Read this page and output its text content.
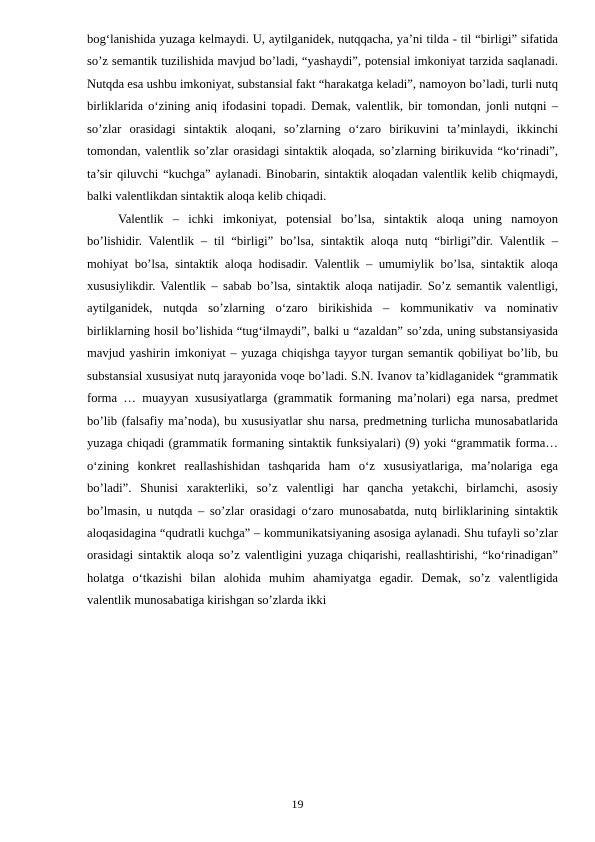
bog‘lanishida yuzaga kelmaydi. U, aytilganidek, nutqqacha, ya’ni tilda - til “birligi” sifatida so’z semantik tuzilishida mavjud bo’ladi, “yashaydi”, potensial imkoniyat tarzida saqlanadi. Nutqda esa ushbu imkoniyat, substansial fakt “harakatga keladi”, namoyon bo’ladi, turli nutq birliklarida o‘zining aniq ifodasini topadi. Demak, valentlik, bir tomondan, jonli nutqni – so’zlar orasidagi sintaktik aloqani, so’zlarning o‘zaro birikuvini ta’minlaydi, ikkinchi tomondan, valentlik so’zlar orasidagi sintaktik aloqada, so’zlarning birikuvida “ko‘rinadi”, ta’sir qiluvchi “kuchga” aylanadi. Binobarin, sintaktik aloqadan valentlik kelib chiqmaydi, balki valentlikdan sintaktik aloqa kelib chiqadi.

Valentlik – ichki imkoniyat, potensial bo’lsa, sintaktik aloqa uning namoyon bo’lishidir. Valentlik – til “birligi” bo’lsa, sintaktik aloqa nutq “birligi”dir. Valentlik – mohiyat bo’lsa, sintaktik aloqa hodisadir. Valentlik – umumiylik bo’lsa, sintaktik aloqa xususiylikdir. Valentlik – sabab bo’lsa, sintaktik aloqa natijadir. So’z semantik valentligi, aytilganidek, nutqda so’zlarning o‘zaro birikishida – kommunikativ va nominativ birliklarning hosil bo’lishida “tug‘ilmaydi”, balki u “azaldan” so’zda, uning substansiyasida mavjud yashirin imkoniyat – yuzaga chiqishga tayyor turgan semantik qobiliyat bo’lib, bu substansial xususiyat nutq jarayonida voqe bo’ladi. S.N. Ivanov ta’kidlaganidek “grammatik forma … muayyan xususiyatlarga (grammatik formaning ma’nolari) ega narsa, predmet bo’lib (falsafiy ma’noda), bu xususiyatlar shu narsa, predmetning turlicha munosabatlarida yuzaga chiqadi (grammatik formaning sintaktik funksiyalari) (9) yoki “grammatik forma… o‘zining konkret reallashishidan tashqarida ham o‘z xususiyatlariga, ma’nolariga ega bo’ladi”. Shunisi xarakterliki, so’z valentligi har qancha yetakchi, birlamchi, asosiy bo’lmasin, u nutqda – so’zlar orasidagi o‘zaro munosabatda, nutq birliklarining sintaktik aloqasidagina “qudratli kuchga” – kommunikatsiyaning asosiga aylanadi. Shu tufayli so’zlar orasidagi sintaktik aloqa so’z valentligini yuzaga chiqarishi, reallashtirishi, “ko‘rinadigan” holatga o‘tkazishi bilan alohida muhim ahamiyatga egadir. Demak, so’z valentligida valentlik munosabatiga kirishgan so’zlarda ikki

19
